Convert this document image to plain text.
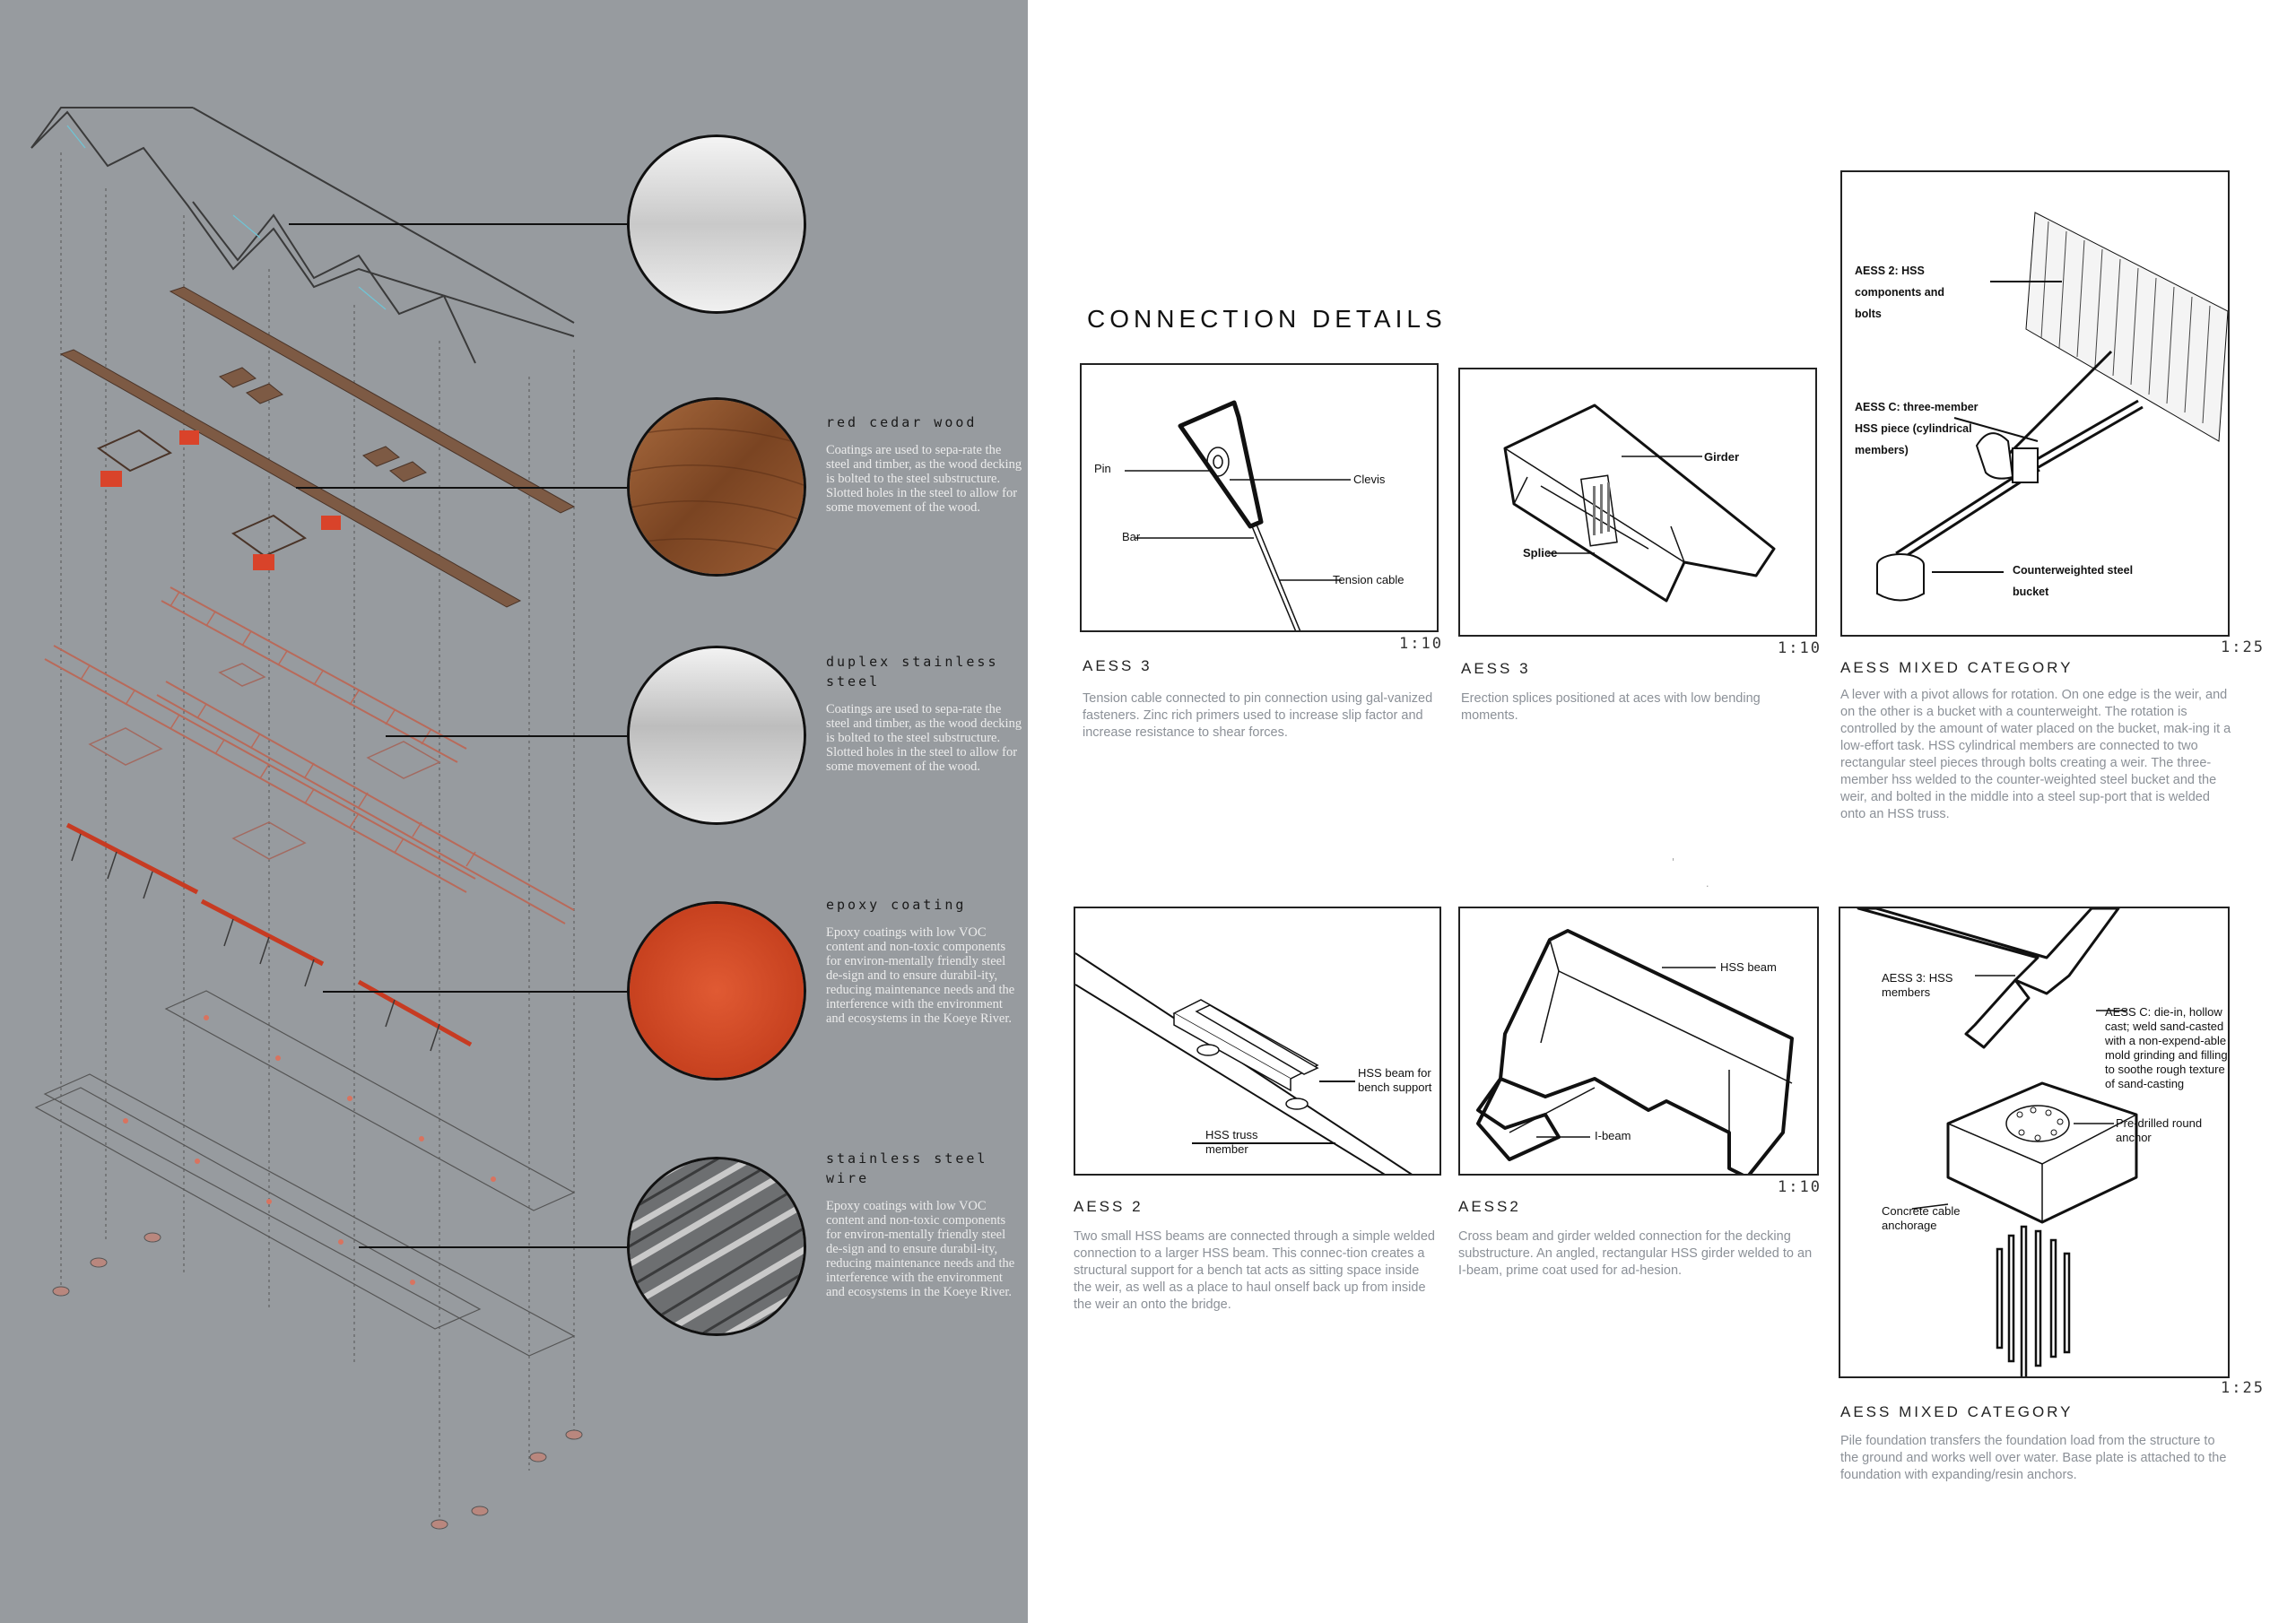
red cedar wood

Coatings are used to sepa-rate the steel and timber, as the wood decking is bolted to the steel substructure. Slotted holes in the steel to allow for some movement of the wood.

duplex stainless steel

Coatings are used to sepa-rate the steel and timber, as the wood decking is bolted to the steel substructure. Slotted holes in the steel to allow for some movement of the wood.

epoxy coating

Epoxy coatings with low VOC content and non-toxic components for environ-mentally friendly steel de-sign and to ensure durabil-ity, reducing maintenance needs and the interference with the environment and ecosystems in the Koeye River.

stainless steel wire

Epoxy coatings with low VOC content and non-toxic components for environ-mentally friendly steel de-sign and to ensure durabil-ity, reducing maintenance needs and the interference with the environment and ecosystems in the Koeye River.

CONNECTION DETAILS
Pin
Clevis
Bar
Tension cable
1:10
AESS 3

Tension cable connected to pin connection using gal-vanized fasteners. Zinc rich primers used to increase slip factor and increase resistance to shear forces.

Girder
Splice
1:10
AESS 3

Erection splices positioned at aces with low bending moments.

AESS 2: HSS components and bolts
AESS C: three-member HSS piece (cylindrical members)
Counterweighted steel bucket
1:25
AESS MIXED CATEGORY

A lever with a pivot allows for rotation. On one edge is the weir, and on the other is a bucket with a counterweight. The rotation is controlled by the amount of water placed on the bucket, mak-ing it a low-effort task. HSS cylindrical members are connected to two rectangular steel pieces through bolts creating a weir. The three-member hss welded to the counter-weighted steel bucket and the weir, and bolted in the middle into a steel sup-port that is welded onto an HSS truss.

'
·
HSS beam for bench support
HSS truss member
AESS 2

Two small HSS beams are connected through a simple welded connection to a larger HSS beam. This connec-tion creates a structural support for a bench tat acts as sitting space inside the weir, as well as a place to haul onself back up from inside the weir an onto the bridge.

HSS beam
I-beam
1:10
AESS2

Cross beam and girder welded connection for the decking substructure. An angled, rectangular HSS girder welded to an I-beam, prime coat used for ad-hesion.

AESS 3: HSS members
AESS C: die-in, hollow cast; weld sand-casted with a non-expend-able mold grinding and filling to soothe rough texture of sand-casting
Pre-drilled round anchor
Concrete cable anchorage
1:25
AESS MIXED CATEGORY

Pile foundation transfers the foundation load from the structure to the ground and works well over water. Base plate is attached to the foundation with expanding/resin anchors.
